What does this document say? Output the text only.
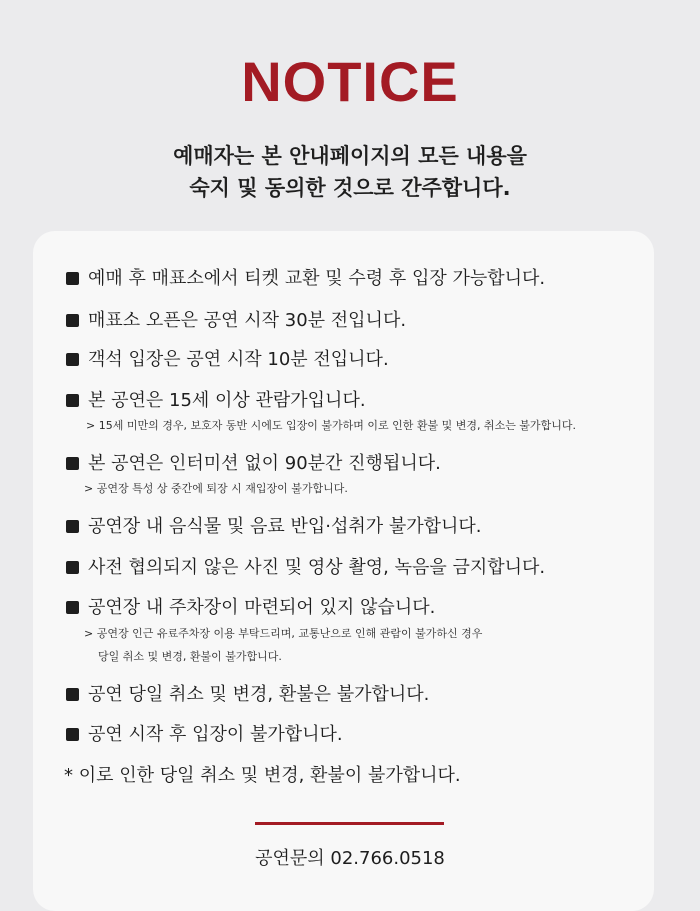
NOTICE
예매자는 본 안내페이지의 모든 내용을
숙지 및 동의한 것으로 간주합니다.
예매 후 매표소에서 티켓 교환 및 수령 후 입장 가능합니다.
매표소 오픈은 공연 시작 30분 전입니다.
객석 입장은 공연 시작 10분 전입니다.
본 공연은 15세 이상 관람가입니다.
> 15세 미만의 경우, 보호자 동반 시에도 입장이 불가하며 이로 인한 환불 및 변경, 취소는 불가합니다.
본 공연은 인터미션 없이 90분간 진행됩니다.
> 공연장 특성 상 중간에 퇴장 시 재입장이 불가합니다.
공연장 내 음식물 및 음료 반입·섭취가 불가합니다.
사전 협의되지 않은 사진 및 영상 촬영, 녹음을 금지합니다.
공연장 내 주차장이 마련되어 있지 않습니다.
> 공연장 인근 유료주차장 이용 부탁드리며, 교통난으로 인해 관람이 불가하신 경우
당일 취소 및 변경, 환불이 불가합니다.
공연 당일 취소 및 변경, 환불은 불가합니다.
공연 시작 후 입장이 불가합니다.
* 이로 인한 당일 취소 및 변경, 환불이 불가합니다.
공연문의 02.766.0518
